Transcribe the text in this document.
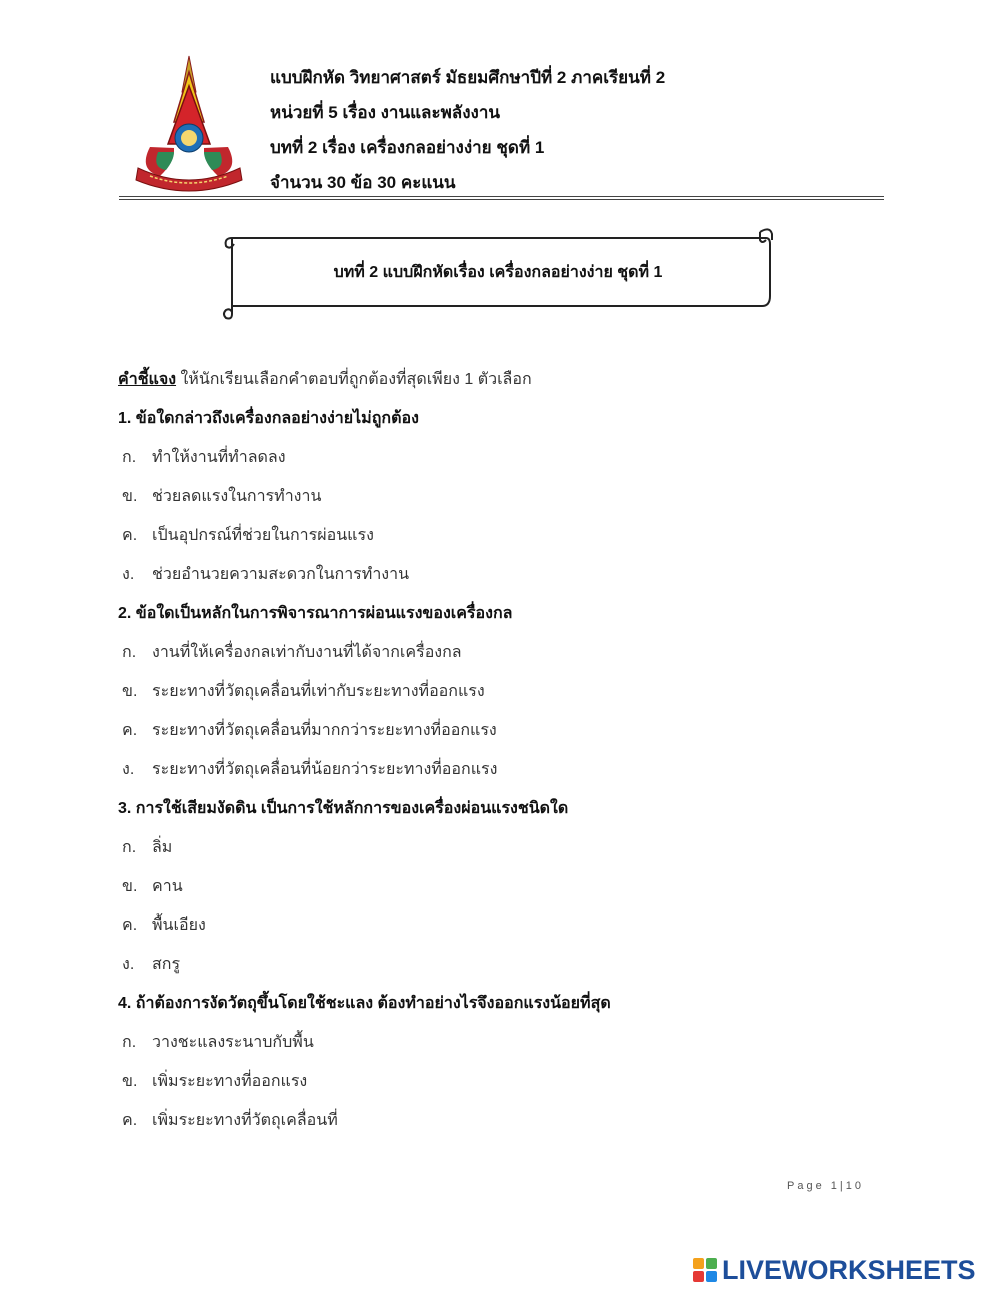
แบบฝึกหัด วิทยาศาสตร์ มัธยมศึกษาปีที่ 2 ภาคเรียนที่ 2
หน่วยที่ 5 เรื่อง งานและพลังงาน
บทที่ 2 เรื่อง เครื่องกลอย่างง่าย ชุดที่ 1
จำนวน 30 ข้อ 30 คะแนน
บทที่ 2 แบบฝึกหัดเรื่อง เครื่องกลอย่างง่าย ชุดที่ 1
คำชี้แจง ให้นักเรียนเลือกคำตอบที่ถูกต้องที่สุดเพียง 1 ตัวเลือก
1. ข้อใดกล่าวถึงเครื่องกลอย่างง่ายไม่ถูกต้อง
ก. ทำให้งานที่ทำลดลง
ข. ช่วยลดแรงในการทำงาน
ค. เป็นอุปกรณ์ที่ช่วยในการผ่อนแรง
ง. ช่วยอำนวยความสะดวกในการทำงาน
2. ข้อใดเป็นหลักในการพิจารณาการผ่อนแรงของเครื่องกล
ก. งานที่ให้เครื่องกลเท่ากับงานที่ได้จากเครื่องกล
ข. ระยะทางที่วัตถุเคลื่อนที่เท่ากับระยะทางที่ออกแรง
ค. ระยะทางที่วัตถุเคลื่อนที่มากกว่าระยะทางที่ออกแรง
ง. ระยะทางที่วัตถุเคลื่อนที่น้อยกว่าระยะทางที่ออกแรง
3. การใช้เสียมงัดดิน เป็นการใช้หลักการของเครื่องผ่อนแรงชนิดใด
ก. ลิ่ม
ข. คาน
ค. พื้นเอียง
ง. สกรู
4. ถ้าต้องการงัดวัตถุขึ้นโดยใช้ชะแลง ต้องทำอย่างไรจึงออกแรงน้อยที่สุด
ก. วางชะแลงระนาบกับพื้น
ข. เพิ่มระยะทางที่ออกแรง
ค. เพิ่มระยะทางที่วัตถุเคลื่อนที่
Page 1|10
LIVEWORKSHEETS
